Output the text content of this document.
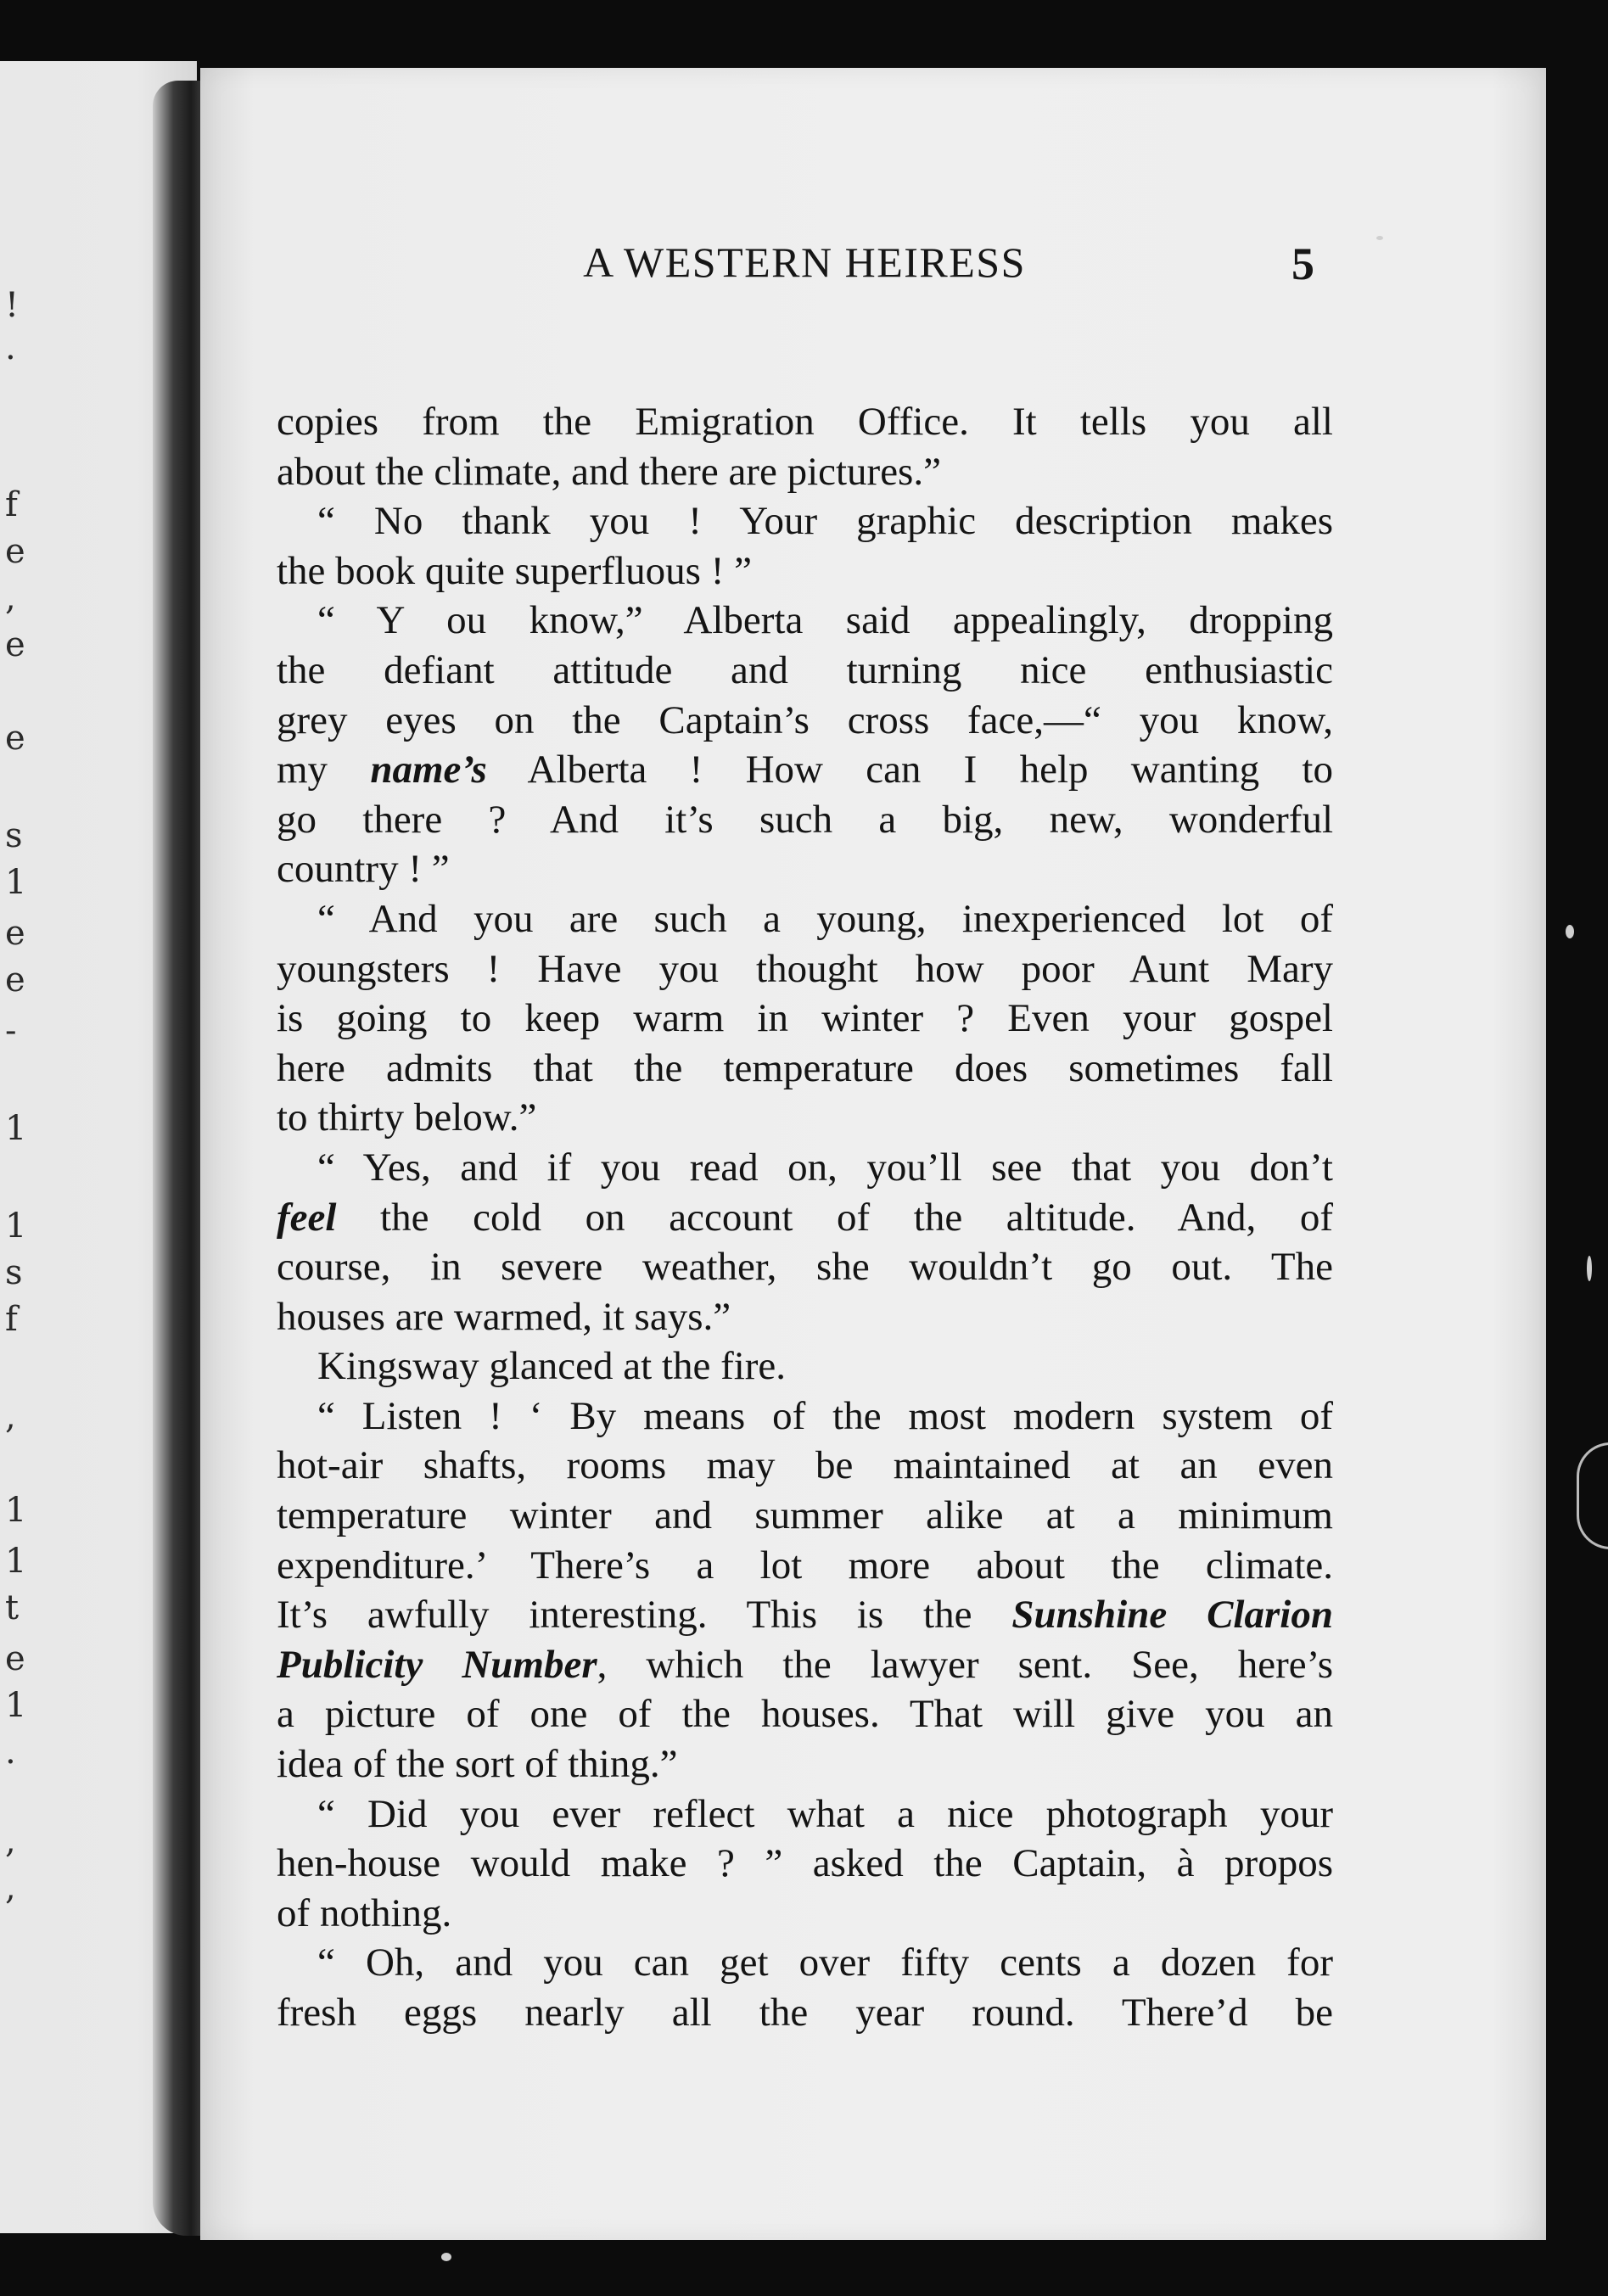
!
.
f
e
,
e
e
s
1
e
e
-
1
1
s
f
,
1
1
t
e
1
.
,
,
A WESTERN HEIRESS	5
copies from the Emigration Office. It tells you all
about the climate, and there are pictures.”
“ No thank you ! Your graphic description makes
the book quite superfluous ! ”
“ Y ou know,” Alberta said appealingly, dropping
the defiant attitude and turning nice enthusiastic
grey eyes on the Captain’s cross face,—“ you know,
my name’s Alberta ! How can I help wanting to
go there ? And it’s such a big, new, wonderful
country ! ”
“ And you are such a young, inexperienced lot of
youngsters ! Have you thought how poor Aunt Mary
is going to keep warm in winter ? Even your gospel
here admits that the temperature does sometimes fall
to thirty below.”
“ Yes, and if you read on, you’ll see that you don’t
feel the cold on account of the altitude. And, of
course, in severe weather, she wouldn’t go out. The
houses are warmed, it says.”
Kingsway glanced at the fire.
“ Listen ! ‘ By means of the most modern system of
hot-air shafts, rooms may be maintained at an even
temperature winter and summer alike at a minimum
expenditure.’ There’s a lot more about the climate.
It’s awfully interesting. This is the Sunshine Clarion
Publicity Number, which the lawyer sent. See, here’s
a picture of one of the houses. That will give you an
idea of the sort of thing.”
“ Did you ever reflect what a nice photograph your
hen-house would make ? ” asked the Captain, à propos
of nothing.
“ Oh, and you can get over fifty cents a dozen for
fresh eggs nearly all the year round. There’d be
